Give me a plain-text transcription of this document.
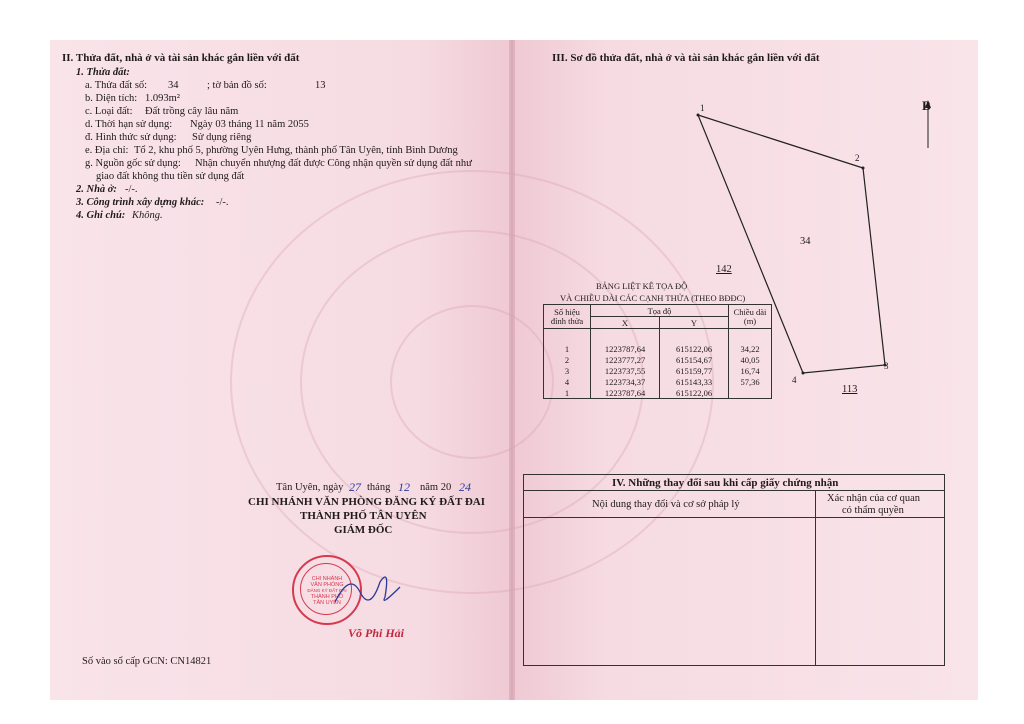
II. Thửa đất, nhà ở và tài sản khác gắn liền với đất
1. Thửa đất:
a. Thửa đất số: 34	; tờ bản đồ số:	13
b. Diện tích: 1.093m²
c. Loại đất: Đất trồng cây lâu năm
d. Thời hạn sử dụng: Ngày 03 tháng 11 năm 2055
đ. Hình thức sử dụng: Sử dụng riêng
e. Địa chỉ: Tổ 2, khu phố 5, phường Uyên Hưng, thành phố Tân Uyên, tỉnh Bình Dương
g. Nguồn gốc sử dụng: Nhận chuyển nhượng đất được Công nhận quyền sử dụng đất như
giao đất không thu tiền sử dụng đất
2. Nhà ở: -/-.
3. Công trình xây dựng khác: -/-.
4. Ghi chú: Không.
Tân Uyên, ngày 27 tháng 12 năm 20 24
CHI NHÁNH VĂN PHÒNG ĐĂNG KÝ ĐẤT ĐAI
THÀNH PHỐ TÂN UYÊN
GIÁM ĐỐC
CHI NHÁNH
VĂN PHÒNG
ĐĂNG KÝ ĐẤT ĐAI
THÀNH PHỐ
TÂN UYÊN
Võ Phi Hải
Số vào sổ cấp GCN: CN14821
III. Sơ đồ thửa đất, nhà ở và tài sản khác gắn liền với đất
B
1
2
3
4
34
142
113
BẢNG LIỆT KÊ TỌA ĐỘ
VÀ CHIỀU DÀI CÁC CẠNH THỬA (THEO BĐĐC)
Số hiệu đỉnh thửa	Tọa độ		Chiều dài (m)
	X	Y	

1	1223787,64	615122,06	34,22
2	1223777,27	615154,67	40,05
3	1223737,55	615159,77	16,74
4	1223734,37	615143,33	57,36
1	1223787,64	615122,06	
IV. Những thay đổi sau khi cấp giấy chứng nhận
Nội dung thay đổi và cơ sở pháp lý
Xác nhận của cơ quan
có thẩm quyền
